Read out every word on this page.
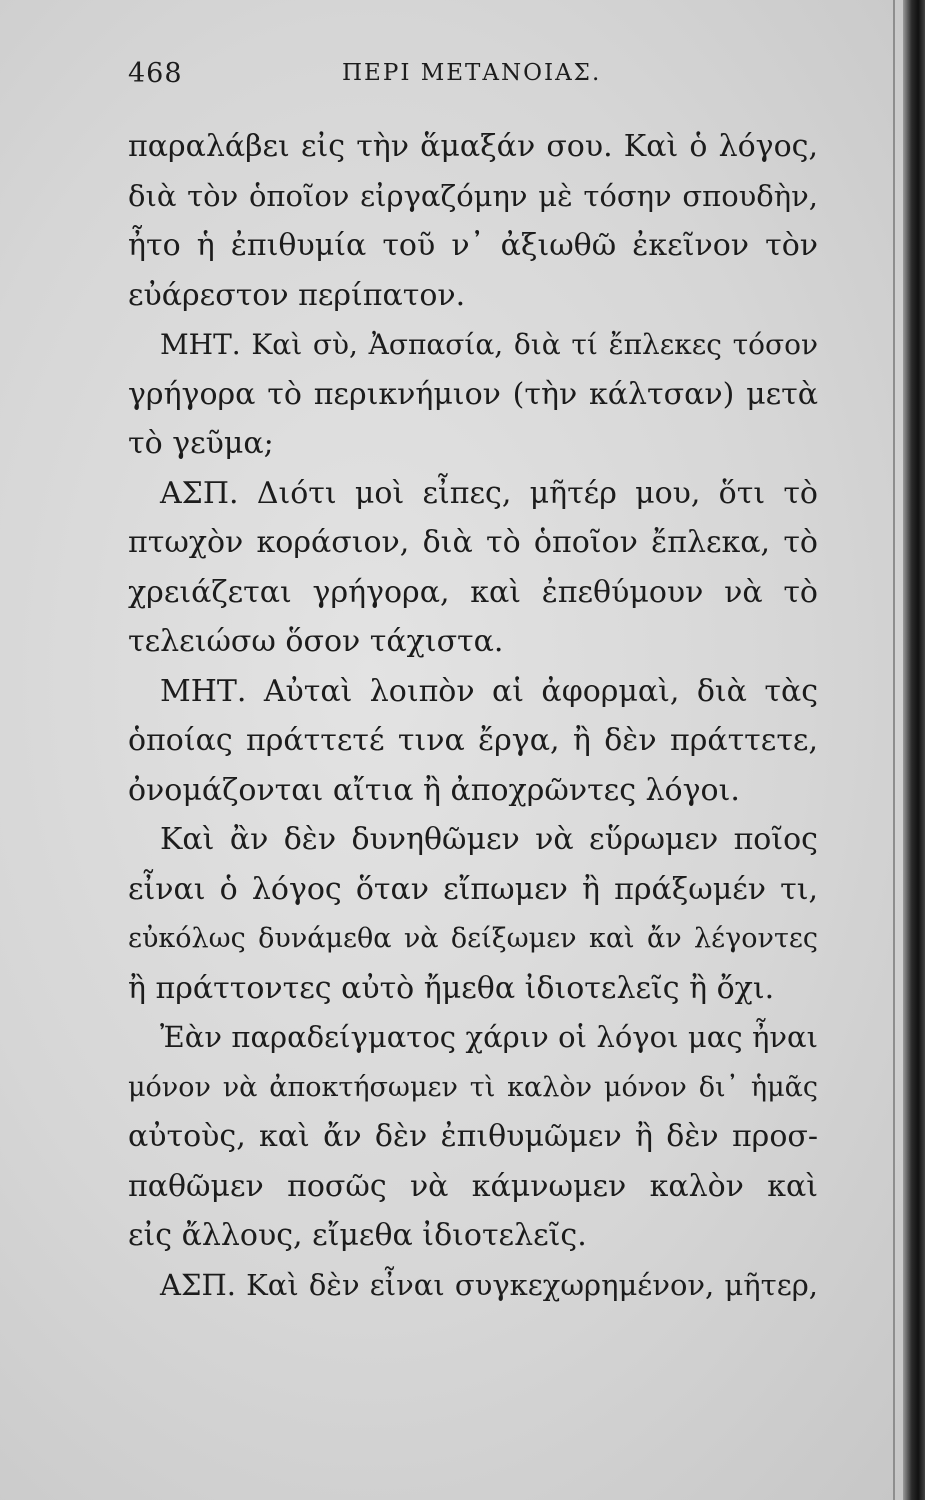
468	ΠΕΡΙ ΜΕΤΑΝΟΙΑΣ.
παραλάβει εἰς τὴν ἅμαξάν σου. Καὶ ὁ λόγος,
διὰ τὸν ὁποῖον εἰργαζόμην μὲ τόσην σπουδὴν,
ἦτο ἡ ἐπιθυμία τοῦ ν᾽ ἀξιωθῶ ἐκεῖνον τὸν
εὐάρεστον περίπατον.
ΜΗΤ. Καὶ σὺ, Ἀσπασία, διὰ τί ἔπλεκες τόσον
γρήγορα τὸ περικνήμιον (τὴν κάλτσαν) μετὰ
τὸ γεῦμα;
ΑΣΠ. Διότι μοὶ εἶπες, μῆτέρ μου, ὅτι τὸ
πτωχὸν κοράσιον, διὰ τὸ ὁποῖον ἔπλεκα, τὸ
χρειάζεται γρήγορα, καὶ ἐπεθύμουν νὰ τὸ
τελειώσω ὅσον τάχιστα.
ΜΗΤ. Αὐταὶ λοιπὸν αἱ ἀφορμαὶ, διὰ τὰς
ὁποίας πράττετέ τινα ἔργα, ἢ δὲν πράττετε,
ὀνομάζονται αἴτια ἢ ἀποχρῶντες λόγοι.
Καὶ ἂν δὲν δυνηθῶμεν νὰ εὕρωμεν ποῖος
εἶναι ὁ λόγος ὅταν εἴπωμεν ἢ πράξωμέν τι,
εὐκόλως δυνάμεθα νὰ δείξωμεν καὶ ἄν λέγοντες
ἢ πράττοντες αὐτὸ ἤμεθα ἰδιοτελεῖς ἢ ὄχι.
Ἐὰν παραδείγματος χάριν οἱ λόγοι μας ἦναι
μόνον νὰ ἀποκτήσωμεν τὶ καλὸν μόνον δι᾽ ἡμᾶς
αὐτοὺς, καὶ ἄν δὲν ἐπιθυμῶμεν ἢ δὲν προσ-
παθῶμεν ποσῶς νὰ κάμνωμεν καλὸν καὶ
εἰς ἄλλους, εἴμεθα ἰδιοτελεῖς.
ΑΣΠ. Καὶ δὲν εἶναι συγκεχωρημένον, μῆτερ,
